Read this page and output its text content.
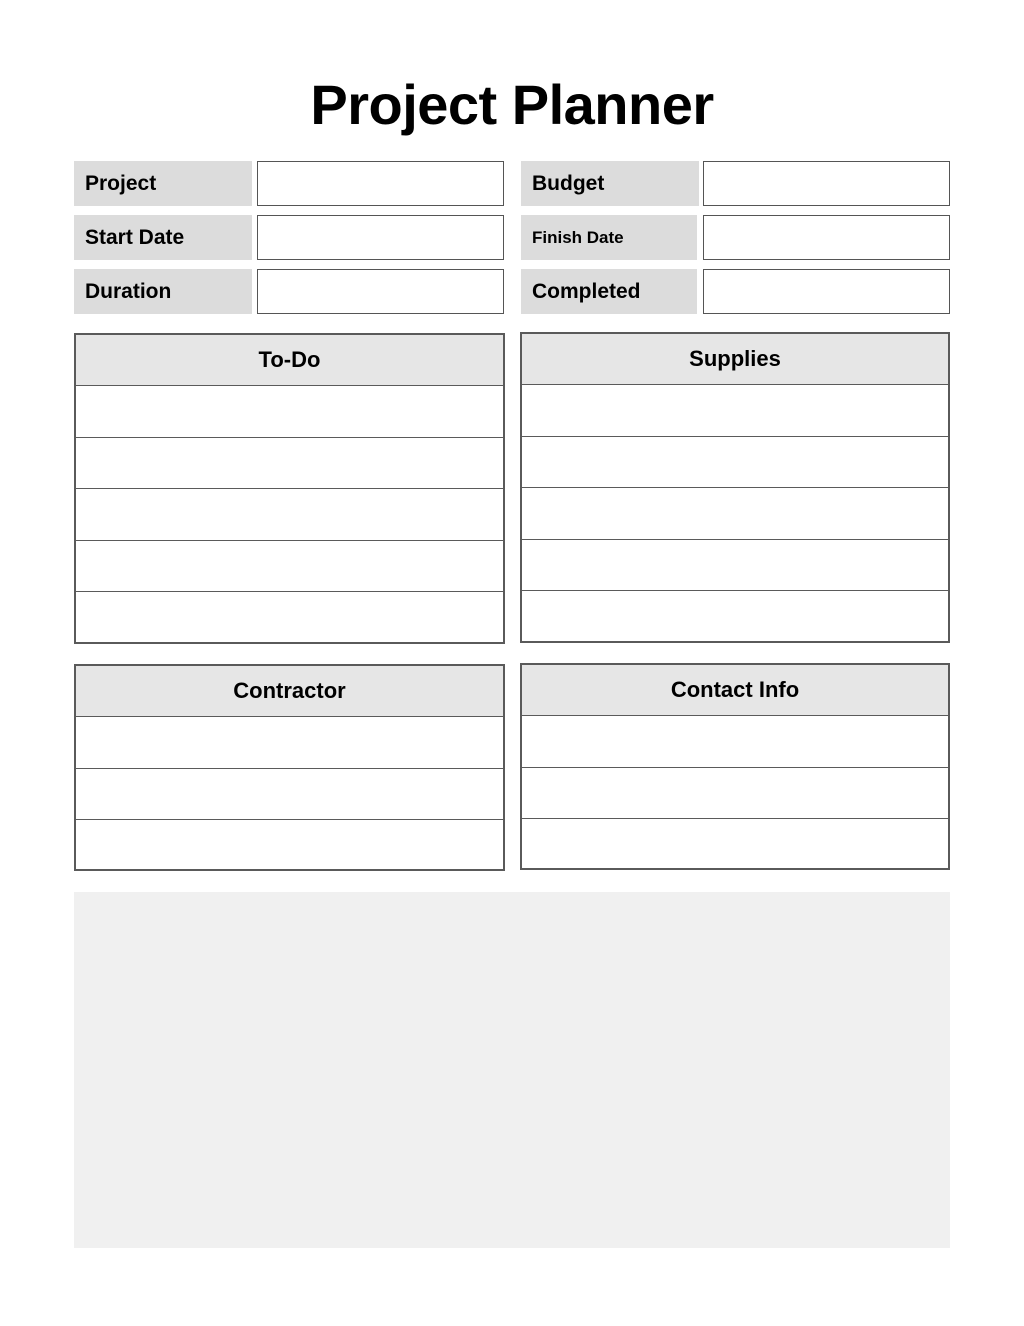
Project Planner
Project
Start Date
Duration
Budget
Finish Date
Completed
To-Do	Supplies
Contractor	Contact Info
